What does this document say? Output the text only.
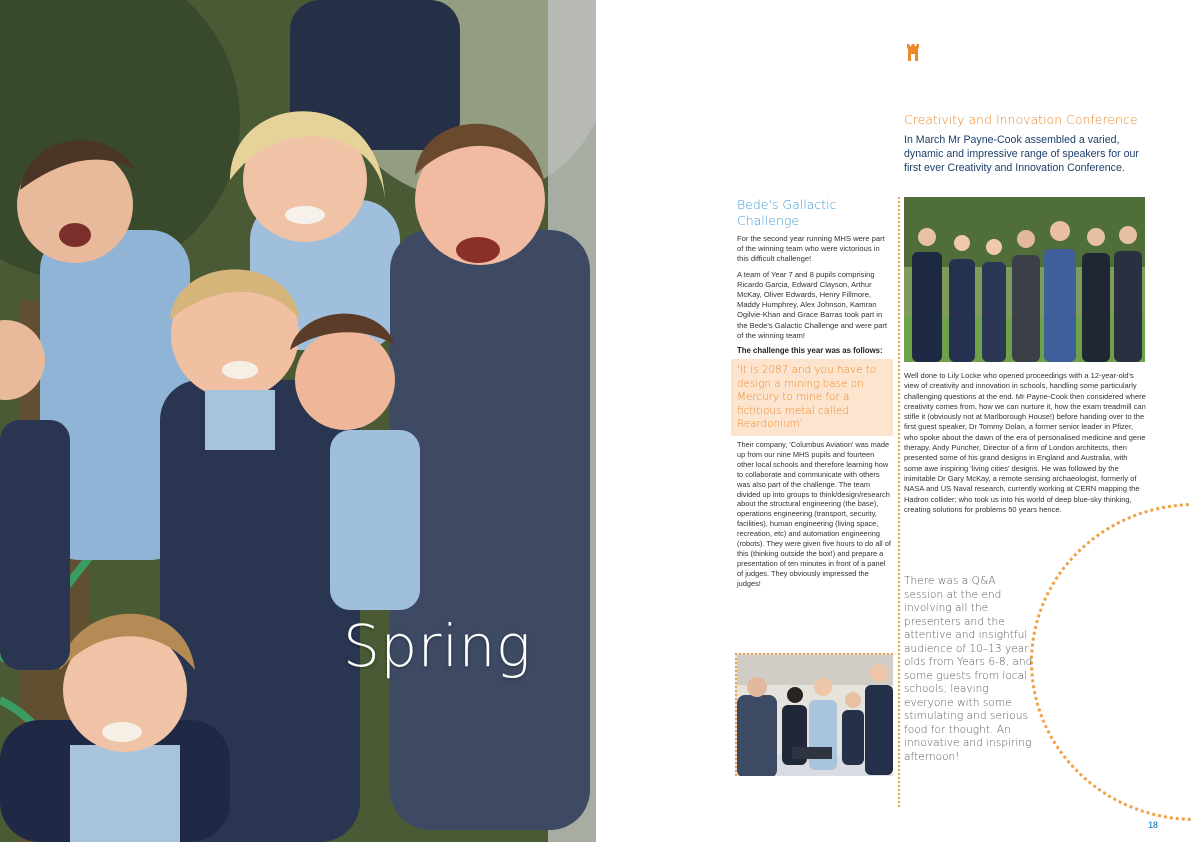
Spring
Creativity and Innovation Conference
In March Mr Payne-Cook assembled a varied, dynamic and impressive range of speakers for our first ever Creativity and Innovation Conference.
Well done to Lily Locke who opened proceedings with a 12-year-old's view of creativity and innovation in schools, handling some particularly challenging questions at the end. Mr Payne-Cook then considered where creativity comes from, how we can nurture it, how the exam treadmill can stifle it (obviously not at Marlborough House!) before handing over to the first guest speaker, Dr Tommy Dolan, a former senior leader in Pfizer, who spoke about the dawn of the era of personalised medicine and gene therapy. Andy Puncher, Director of a firm of London architects, then presented some of his grand designs in England and Australia, with some awe inspiring 'living cities' designs. He was followed by the inimitable Dr Gary McKay, a remote sensing archaeologist, formerly of NASA and US Naval research, currently working at CERN mapping the Hadron collider; who took us into his world of deep blue-sky thinking, creating solutions for problems 50 years hence.
There was a Q&A session at the end involving all the presenters and the attentive and insightful audience of 10–13 year olds from Years 6-8, and some guests from local schools; leaving everyone with some stimulating and serious food for thought. An innovative and inspiring afternoon!
Bede's Gallactic Challenge

For the second year running MHS were part of the winning team who were victorious in this difficult challenge!

A team of Year 7 and 8 pupils comprising Ricardo Garcia, Edward Clayson, Arthur McKay, Oliver Edwards, Henry Fillmore, Maddy Humphrey, Alex Johnson, Kamran Ogilvie-Khan and Grace Barras took part in the Bede's Galactic Challenge and were part of the winning team!

The challenge this year was as follows:

'It is 2087 and you have to design a mining base on Mercury to mine for a fictitious metal called Reardonium'

Their company, 'Columbus Aviation' was made up from our nine MHS pupils and fourteen other local schools and therefore learning how to collaborate and communicate with others was also part of the challenge. The team divided up into groups to think/design/research about the structural engineering (the base), operations engineering (transport, security, facilities), human engineering (living space, recreation, etc) and automation engineering (robots). They were given five hours to do all of this (thinking outside the box!) and prepare a presentation of ten minutes in front of a panel of judges. They obviously impressed the judges!

18
